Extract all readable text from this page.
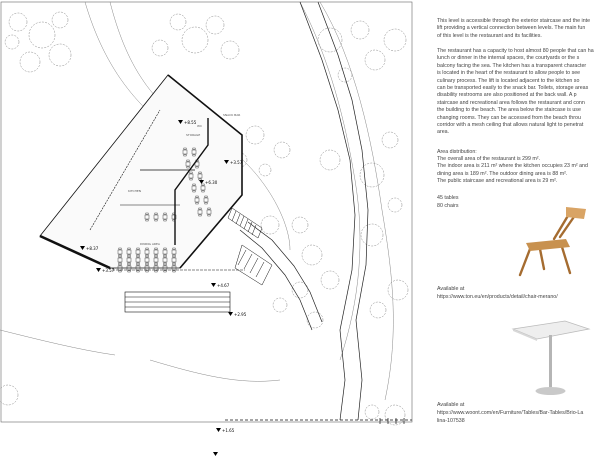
+8.55
+3.57
+6.30
+8.37
+3.57
+4.67
+2.95
+1.65
KITCHEN
DINING AREA
STORAGE
WC
SNACK BAR

This level is accessible through the exterior staircase and the inte
lift providing a vertical connection between levels. The main fun
of this level is the restaurant and its facilities.

The restaurant has a capacity to host almost 80 people that can ha
lunch or dinner in the internal spaces, the courtyards or the s
balcony facing the sea. The kitchen has a transparent character
is located in the heart of the restaurant to allow people to see
culinary process. The lift is located adjacent to the kitchen so
can be transported easily to the snack bar. Toilets, storage areas
disability restrooms are also positioned at the back wall. A p
staircase and recreational area follows the restaurant and conn
the building to the beach. The area below the staircase is use
changing rooms. They can be accessed from the beach throu
corridor with a mesh ceiling that allows natural light to penetrat
area.

Area distribution:

The overall area of the restaurant is 299 m².
The indoor area is 211 m² where the kitchen occupies 23 m² and
dining area is 189 m². The outdoor dining area is 88 m².
The public staircase and recreational area is 29 m².

45 tables
80 chairs
Available at
https://www.ton.eu/en/products/detail/chair-merano/
Available at
https://www.woont.com/en/Furniture/Tables/Bar-Tables/Brio-La
lina-107538
